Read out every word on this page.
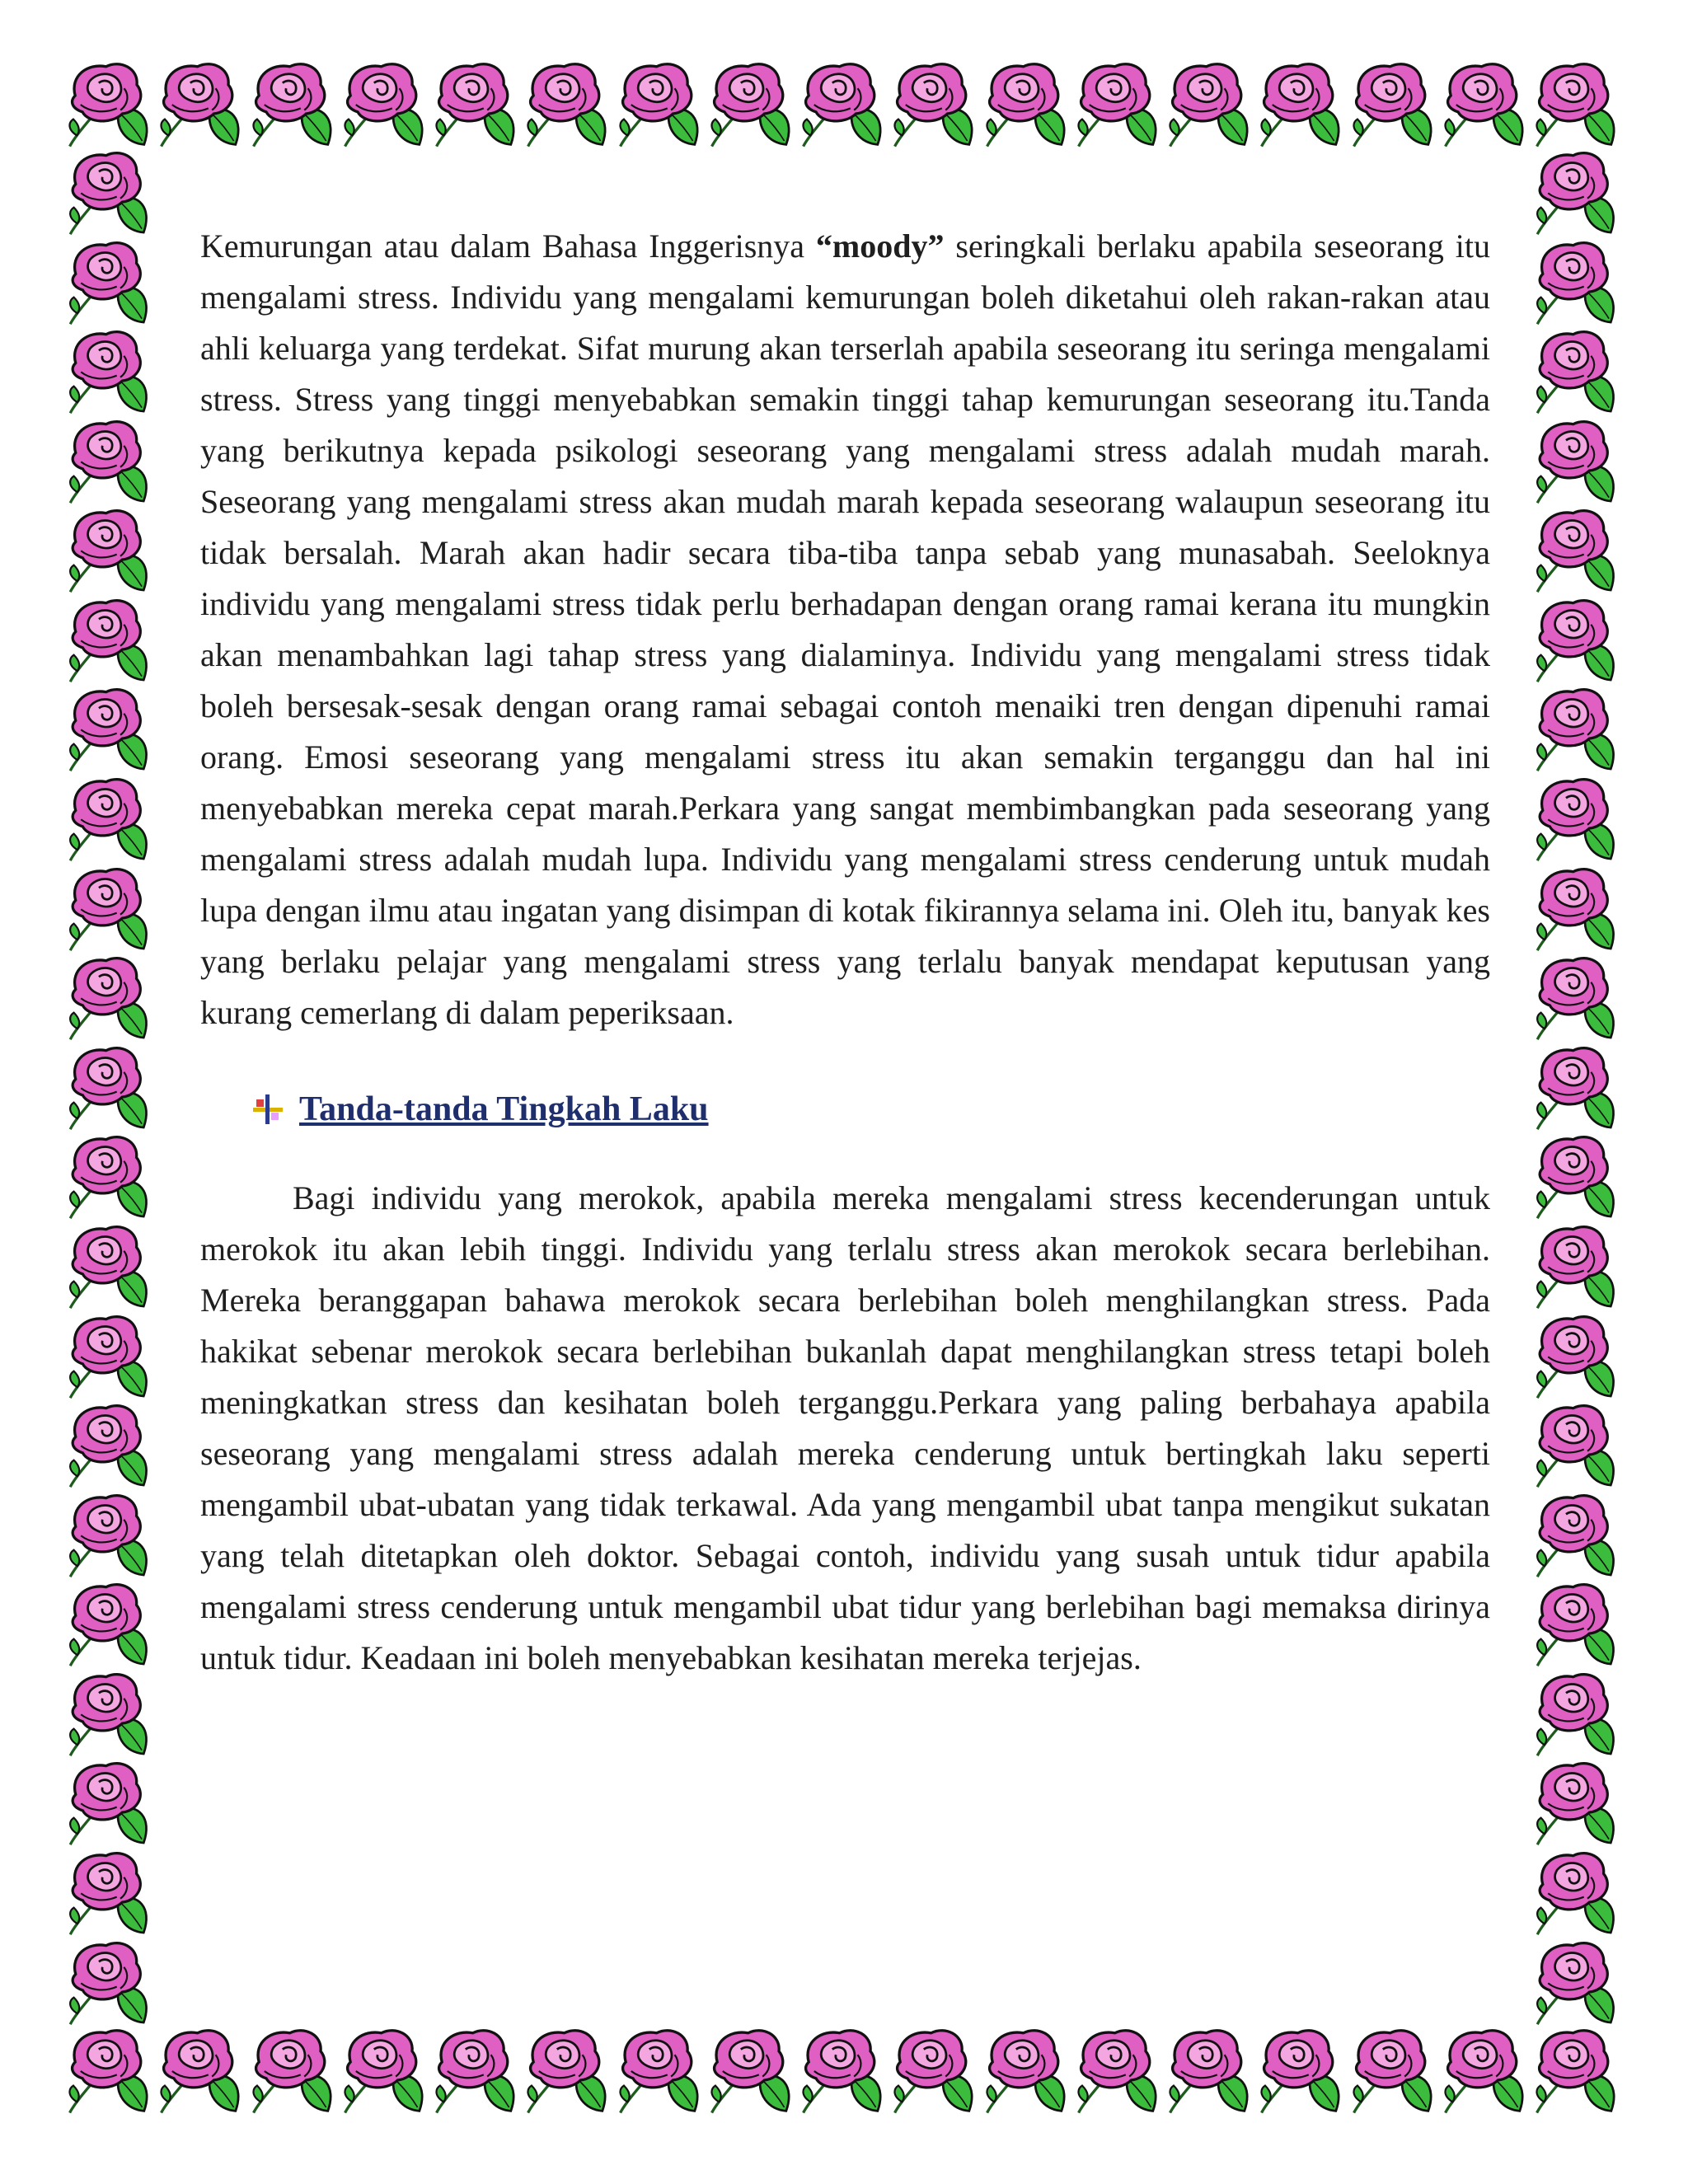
Kemurungan atau dalam Bahasa Inggerisnya “moody” seringkali berlaku apabila seseorang itu mengalami stress. Individu yang mengalami kemurungan boleh diketahui oleh rakan-rakan atau ahli keluarga yang terdekat. Sifat murung akan terserlah apabila seseorang itu seringa mengalami stress. Stress yang tinggi menyebabkan semakin tinggi tahap kemurungan seseorang itu.Tanda yang berikutnya kepada psikologi seseorang yang mengalami stress adalah mudah marah. Seseorang yang mengalami stress akan mudah marah kepada seseorang walaupun seseorang itu tidak bersalah. Marah akan hadir secara tiba-tiba tanpa sebab yang munasabah. Seeloknya individu yang mengalami stress tidak perlu berhadapan dengan orang ramai kerana itu mungkin akan menambahkan lagi tahap stress yang dialaminya. Individu yang mengalami stress tidak boleh bersesak-sesak dengan orang ramai sebagai contoh menaiki tren dengan dipenuhi ramai orang. Emosi seseorang yang mengalami stress itu akan semakin terganggu dan hal ini menyebabkan mereka cepat marah.Perkara yang sangat membimbangkan pada seseorang yang mengalami stress adalah mudah lupa. Individu yang mengalami stress cenderung untuk mudah lupa dengan ilmu atau ingatan yang disimpan di kotak fikirannya selama ini. Oleh itu, banyak kes yang berlaku pelajar yang mengalami stress yang terlalu banyak mendapat keputusan yang kurang cemerlang di dalam peperiksaan.

Tanda-tanda Tingkah Laku

Bagi individu yang merokok, apabila mereka mengalami stress kecenderungan untuk merokok itu akan lebih tinggi. Individu yang terlalu stress akan merokok secara berlebihan. Mereka beranggapan bahawa merokok secara berlebihan boleh menghilangkan stress. Pada hakikat sebenar merokok secara berlebihan bukanlah dapat menghilangkan stress tetapi boleh meningkatkan stress dan kesihatan boleh terganggu.Perkara yang paling berbahaya apabila seseorang yang mengalami stress adalah mereka cenderung untuk bertingkah laku seperti mengambil ubat-ubatan yang tidak terkawal. Ada yang mengambil ubat tanpa mengikut sukatan yang telah ditetapkan oleh doktor. Sebagai contoh, individu yang susah untuk tidur apabila mengalami stress cenderung untuk mengambil ubat tidur yang berlebihan bagi memaksa dirinya untuk tidur. Keadaan ini boleh menyebabkan kesihatan mereka terjejas.
